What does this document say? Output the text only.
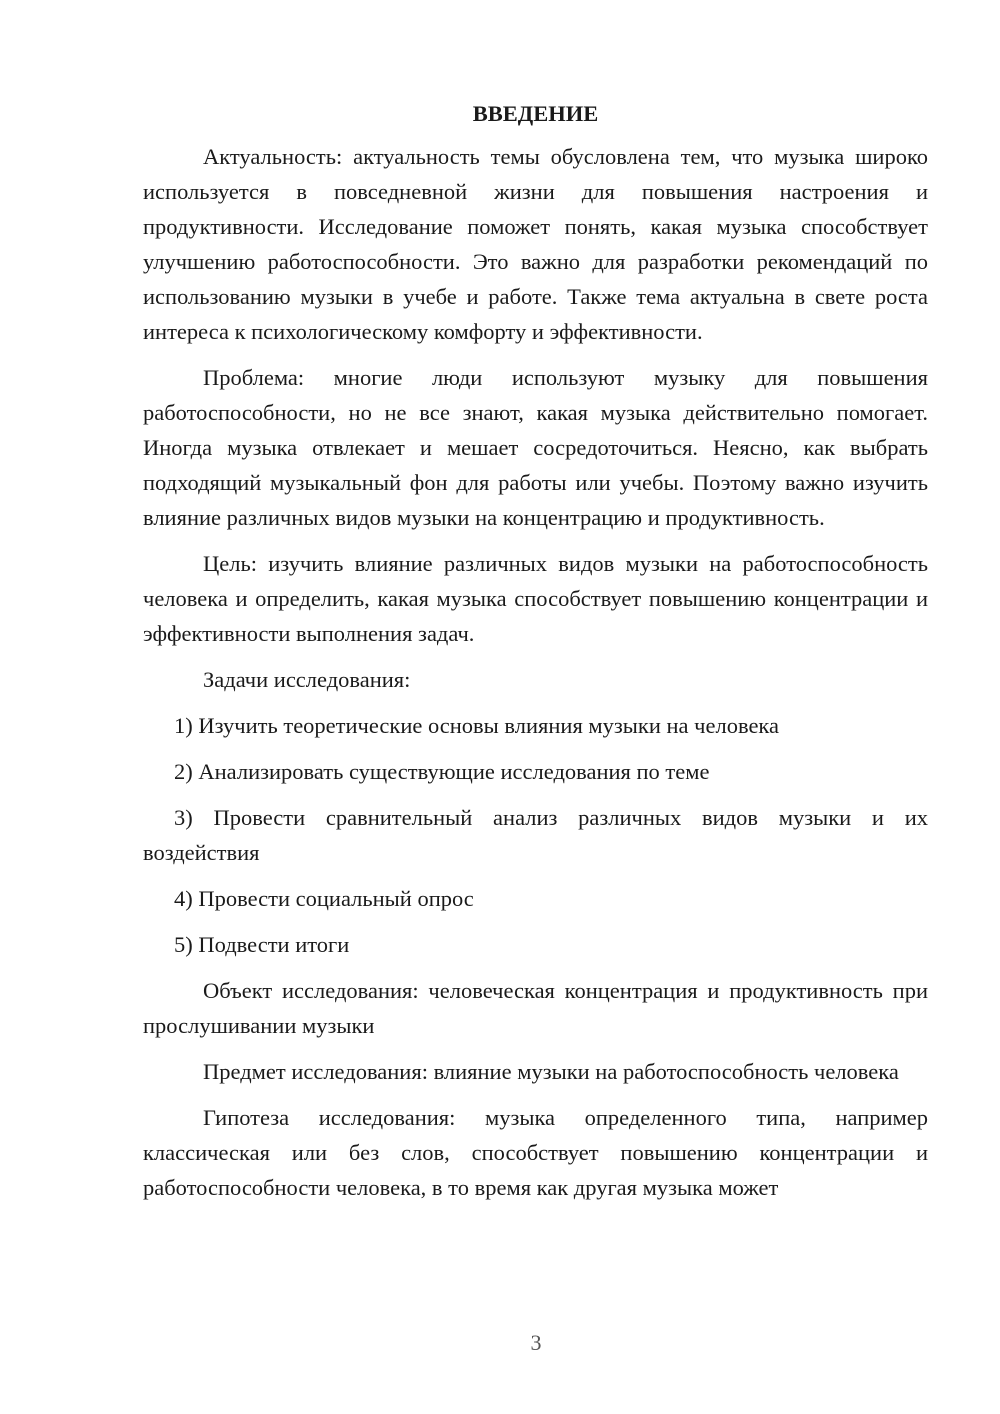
ВВЕДЕНИЕ

Актуальность: актуальность темы обусловлена тем, что музыка широко используется в повседневной жизни для повышения настроения и продуктивности. Исследование поможет понять, какая музыка способствует улучшению работоспособности. Это важно для разработки рекомендаций по использованию музыки в учебе и работе. Также тема актуальна в свете роста интереса к психологическому комфорту и эффективности.

Проблема: многие люди используют музыку для повышения работоспособности, но не все знают, какая музыка действительно помогает. Иногда музыка отвлекает и мешает сосредоточиться. Неясно, как выбрать подходящий музыкальный фон для работы или учебы. Поэтому важно изучить влияние различных видов музыки на концентрацию и продуктивность.

Цель: изучить влияние различных видов музыки на работоспособность человека и определить, какая музыка способствует повышению концентрации и эффективности выполнения задач.

Задачи исследования:

1) Изучить теоретические основы влияния музыки на человека

2) Анализировать существующие исследования по теме

3) Провести сравнительный анализ различных видов музыки и их воздействия

4) Провести социальный опрос

5) Подвести итоги

Объект исследования: человеческая концентрация и продуктивность при прослушивании музыки

Предмет исследования: влияние музыки на работоспособность человека

Гипотеза исследования: музыка определенного типа, например классическая или без слов, способствует повышению концентрации и работоспособности человека, в то время как другая музыка может

3
